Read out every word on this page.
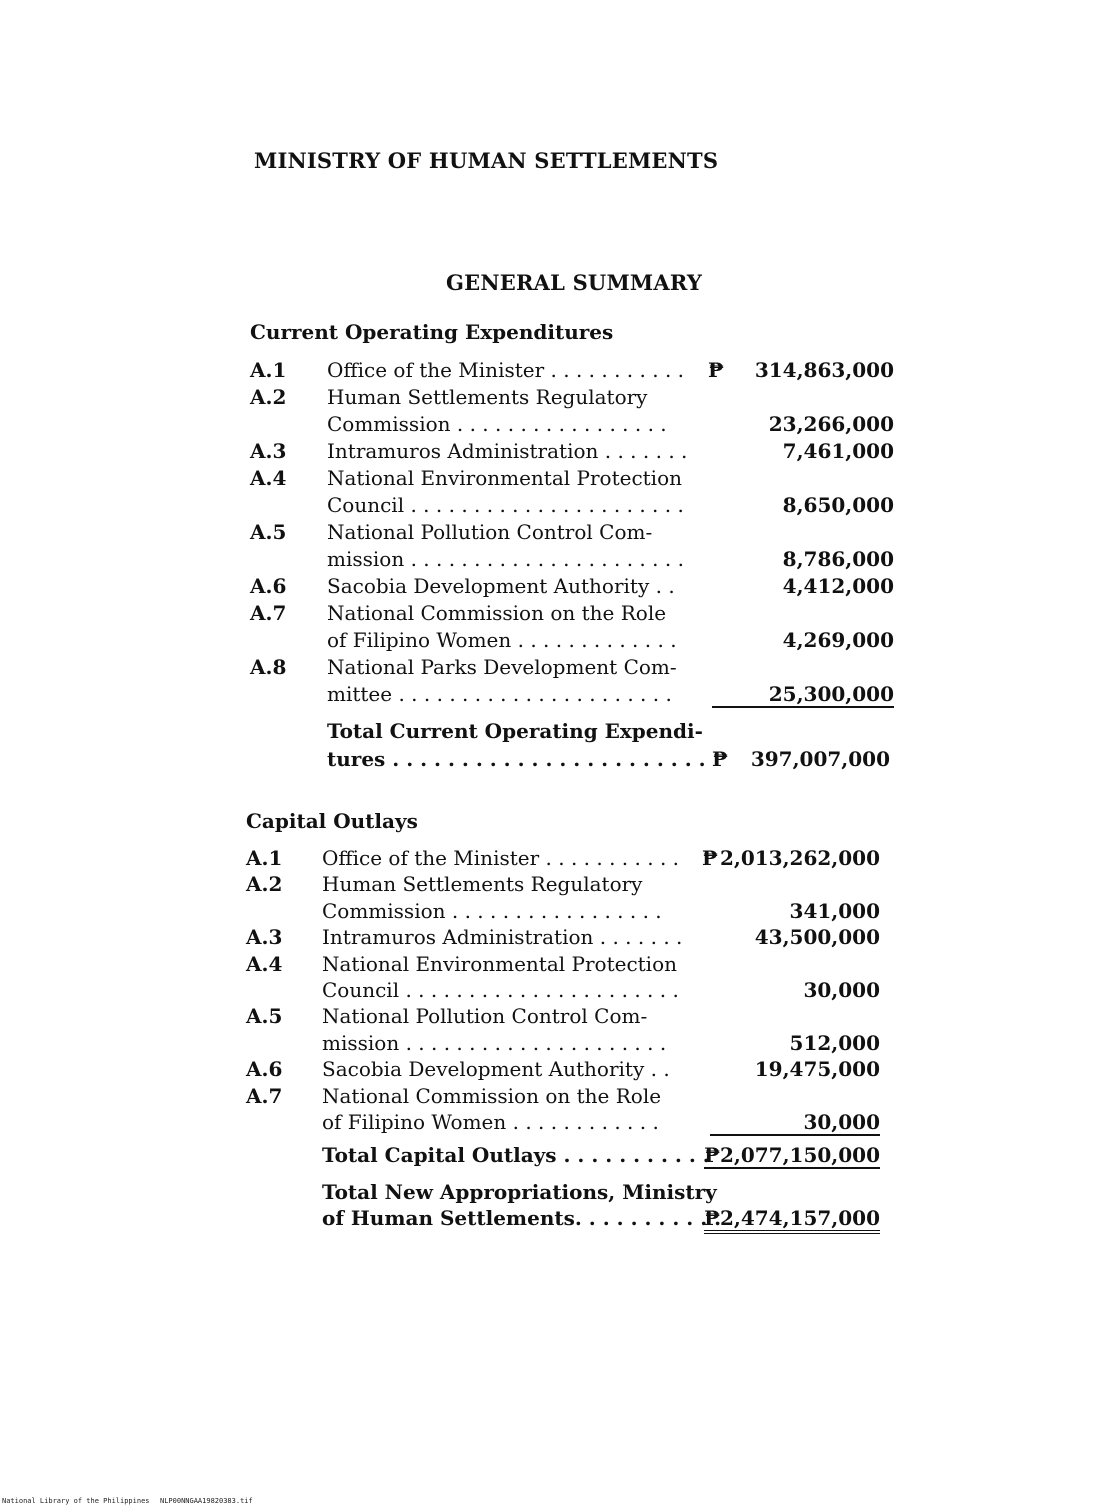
MINISTRY OF HUMAN SETTLEMENTS
GENERAL SUMMARY
Current Operating Expenditures
A.1 Office of the Minister . . . . . . . . . . . ₱ 314,863,000
A.2 Human Settlements Regulatory
Commission . . . . . . . . . . . . . . . . .	23,266,000
A.3 Intramuros Administration . . . . . . .	7,461,000
A.4 National Environmental Protection
Council . . . . . . . . . . . . . . . . . . . . . .	8,650,000
A.5 National Pollution Control Com-
mission . . . . . . . . . . . . . . . . . . . . . .	8,786,000
A.6 Sacobia Development Authority . .	4,412,000
A.7 National Commission on the Role
of Filipino Women . . . . . . . . . . . . .	4,269,000
A.8 National Parks Development Com-
mittee . . . . . . . . . . . . . . . . . . . . . .	25,300,000
Total Current Operating Expendi-
tures . . . . . . . . . . . . . . . . . . . . . . . ₱ 397,007,000
Capital Outlays
A.1 Office of the Minister . . . . . . . . . . . ₱ 2,013,262,000
A.2 Human Settlements Regulatory
Commission . . . . . . . . . . . . . . . . .	341,000
A.3 Intramuros Administration . . . . . . .	43,500,000
A.4 National Environmental Protection
Council . . . . . . . . . . . . . . . . . . . . . .	30,000
A.5 National Pollution Control Com-
mission . . . . . . . . . . . . . . . . . . . . .	512,000
A.6 Sacobia Development Authority . .	19,475,000
A.7 National Commission on the Role
of Filipino Women . . . . . . . . . . . .	30,000
Total Capital Outlays . . . . . . . . . . .
₱2,077,150,000
Total New Appropriations, Ministry
of Human Settlements. . . . . . . . . . .
₱2,474,157,000
National Library of the Philippines NLP00NNGAA19820383.tif
